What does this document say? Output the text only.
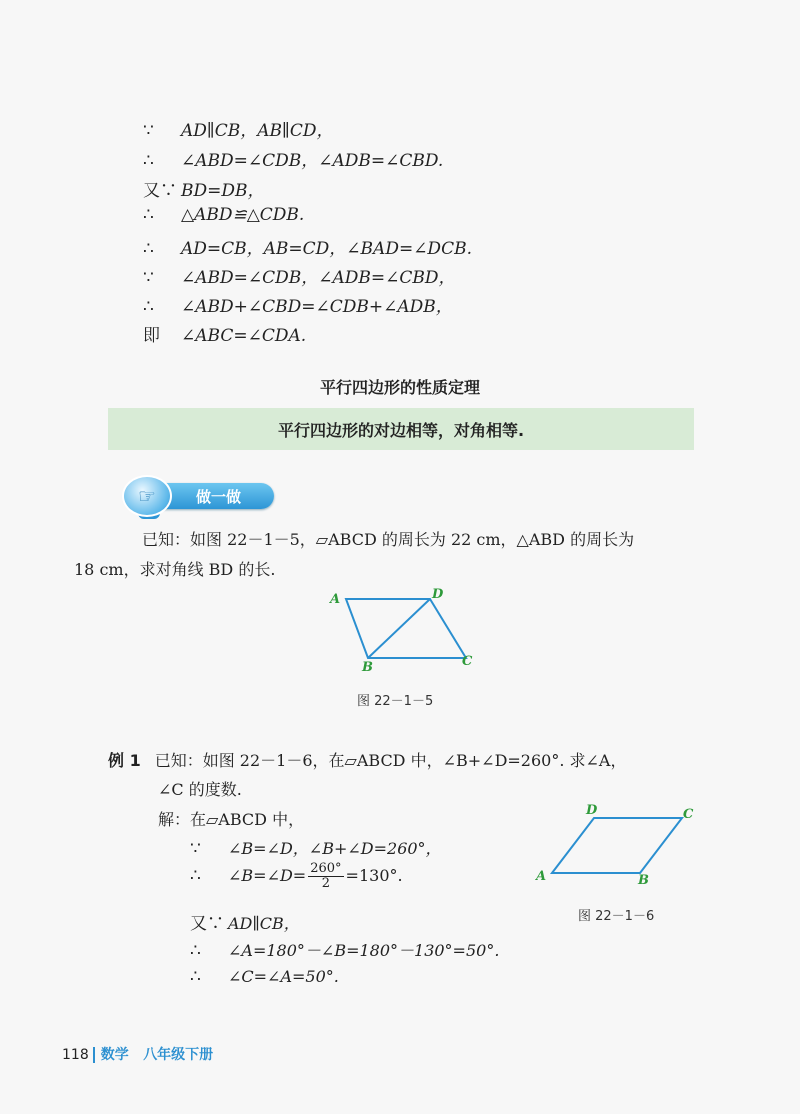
∵ AD∥CB，AB∥CD，
∴ ∠ABD=∠CDB，∠ADB=∠CBD.
又∵ BD=DB，
∴ △ABD≌△CDB.
∴ AD=CB，AB=CD，∠BAD=∠DCB.
∵ ∠ABD=∠CDB，∠ADB=∠CBD，
∴ ∠ABD+∠CBD=∠CDB+∠ADB，
即 ∠ABC=∠CDA.
平行四边形的性质定理
平行四边形的对边相等，对角相等.
☞	做一做
已知：如图 22－1－5，▱ABCD 的周长为 22 cm，△ABD 的周长为
18 cm，求对角线 BD 的长.
A	D
B	C
图 22－1－5
例 1 已知：如图 22－1－6，在▱ABCD 中，∠B+∠D=260°. 求∠A，
∠C 的度数.
解：在▱ABCD 中，
∵ ∠B=∠D，∠B+∠D=260°，
∴ ∠B=∠D= $\frac{260^\circ}{2} =130^\circ$.
又∵ AD∥CB，
∴ ∠A=180°－∠B=180°－130°=50°.
∴ ∠C=∠A=50°.
A
D	C
B
图 22－1－6
118 数学 八年级下册
